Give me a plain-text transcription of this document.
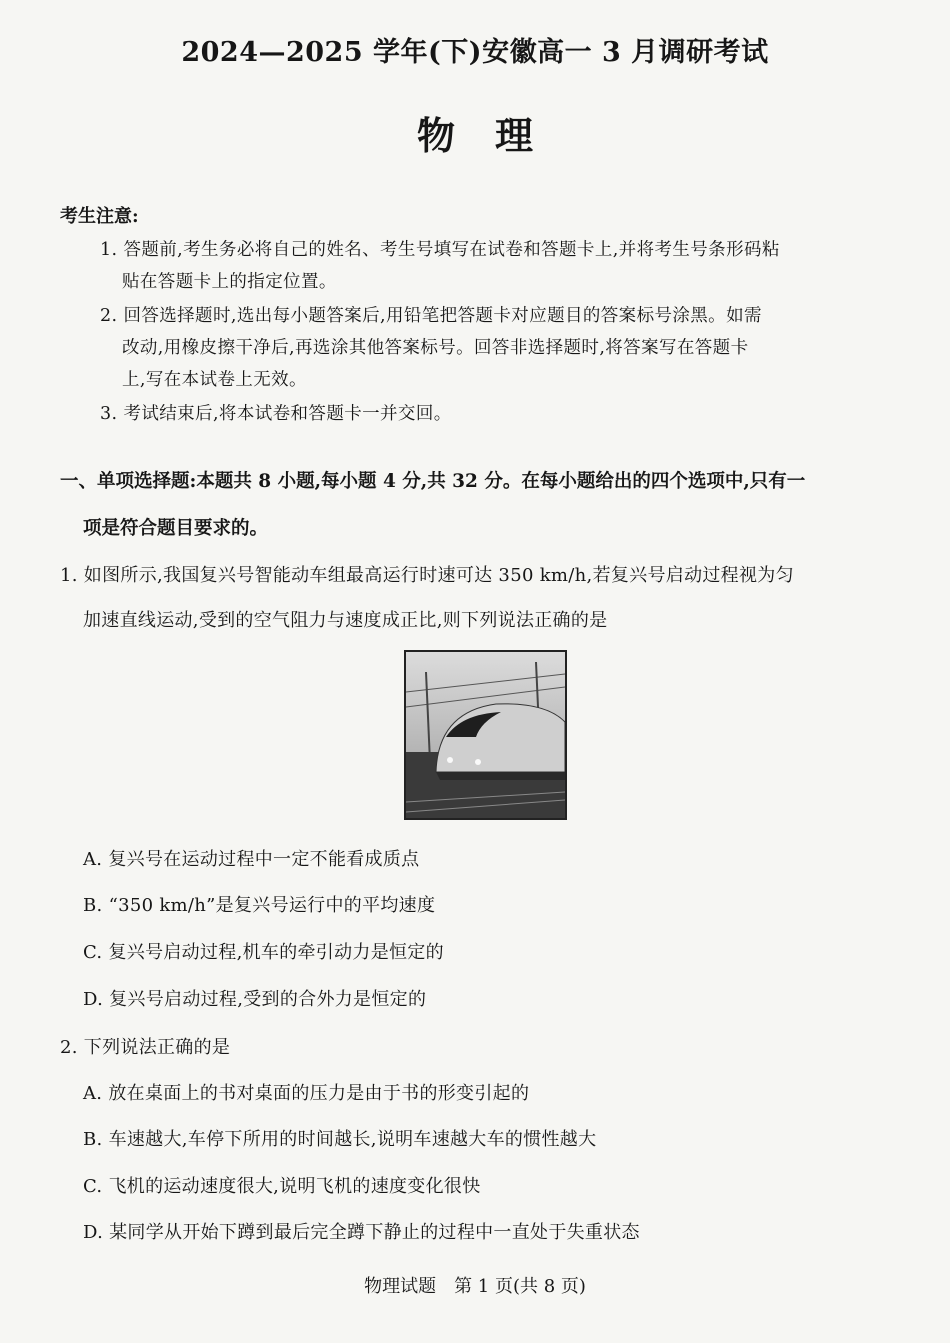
2024—2025 学年(下)安徽高一 3 月调研考试
物理
考生注意:
1. 答题前,考生务必将自己的姓名、考生号填写在试卷和答题卡上,并将考生号条形码粘
贴在答题卡上的指定位置。
2. 回答选择题时,选出每小题答案后,用铅笔把答题卡对应题目的答案标号涂黑。如需
改动,用橡皮擦干净后,再选涂其他答案标号。回答非选择题时,将答案写在答题卡
上,写在本试卷上无效。
3. 考试结束后,将本试卷和答题卡一并交回。
一、单项选择题:本题共 8 小题,每小题 4 分,共 32 分。在每小题给出的四个选项中,只有一
项是符合题目要求的。
1. 如图所示,我国复兴号智能动车组最高运行时速可达 350 km/h,若复兴号启动过程视为匀
加速直线运动,受到的空气阻力与速度成正比,则下列说法正确的是
A. 复兴号在运动过程中一定不能看成质点
B. “350 km/h”是复兴号运行中的平均速度
C. 复兴号启动过程,机车的牵引动力是恒定的
D. 复兴号启动过程,受到的合外力是恒定的
2. 下列说法正确的是
A. 放在桌面上的书对桌面的压力是由于书的形变引起的
B. 车速越大,车停下所用的时间越长,说明车速越大车的惯性越大
C. 飞机的运动速度很大,说明飞机的速度变化很快
D. 某同学从开始下蹲到最后完全蹲下静止的过程中一直处于失重状态
物理试题　第 1 页(共 8 页)
